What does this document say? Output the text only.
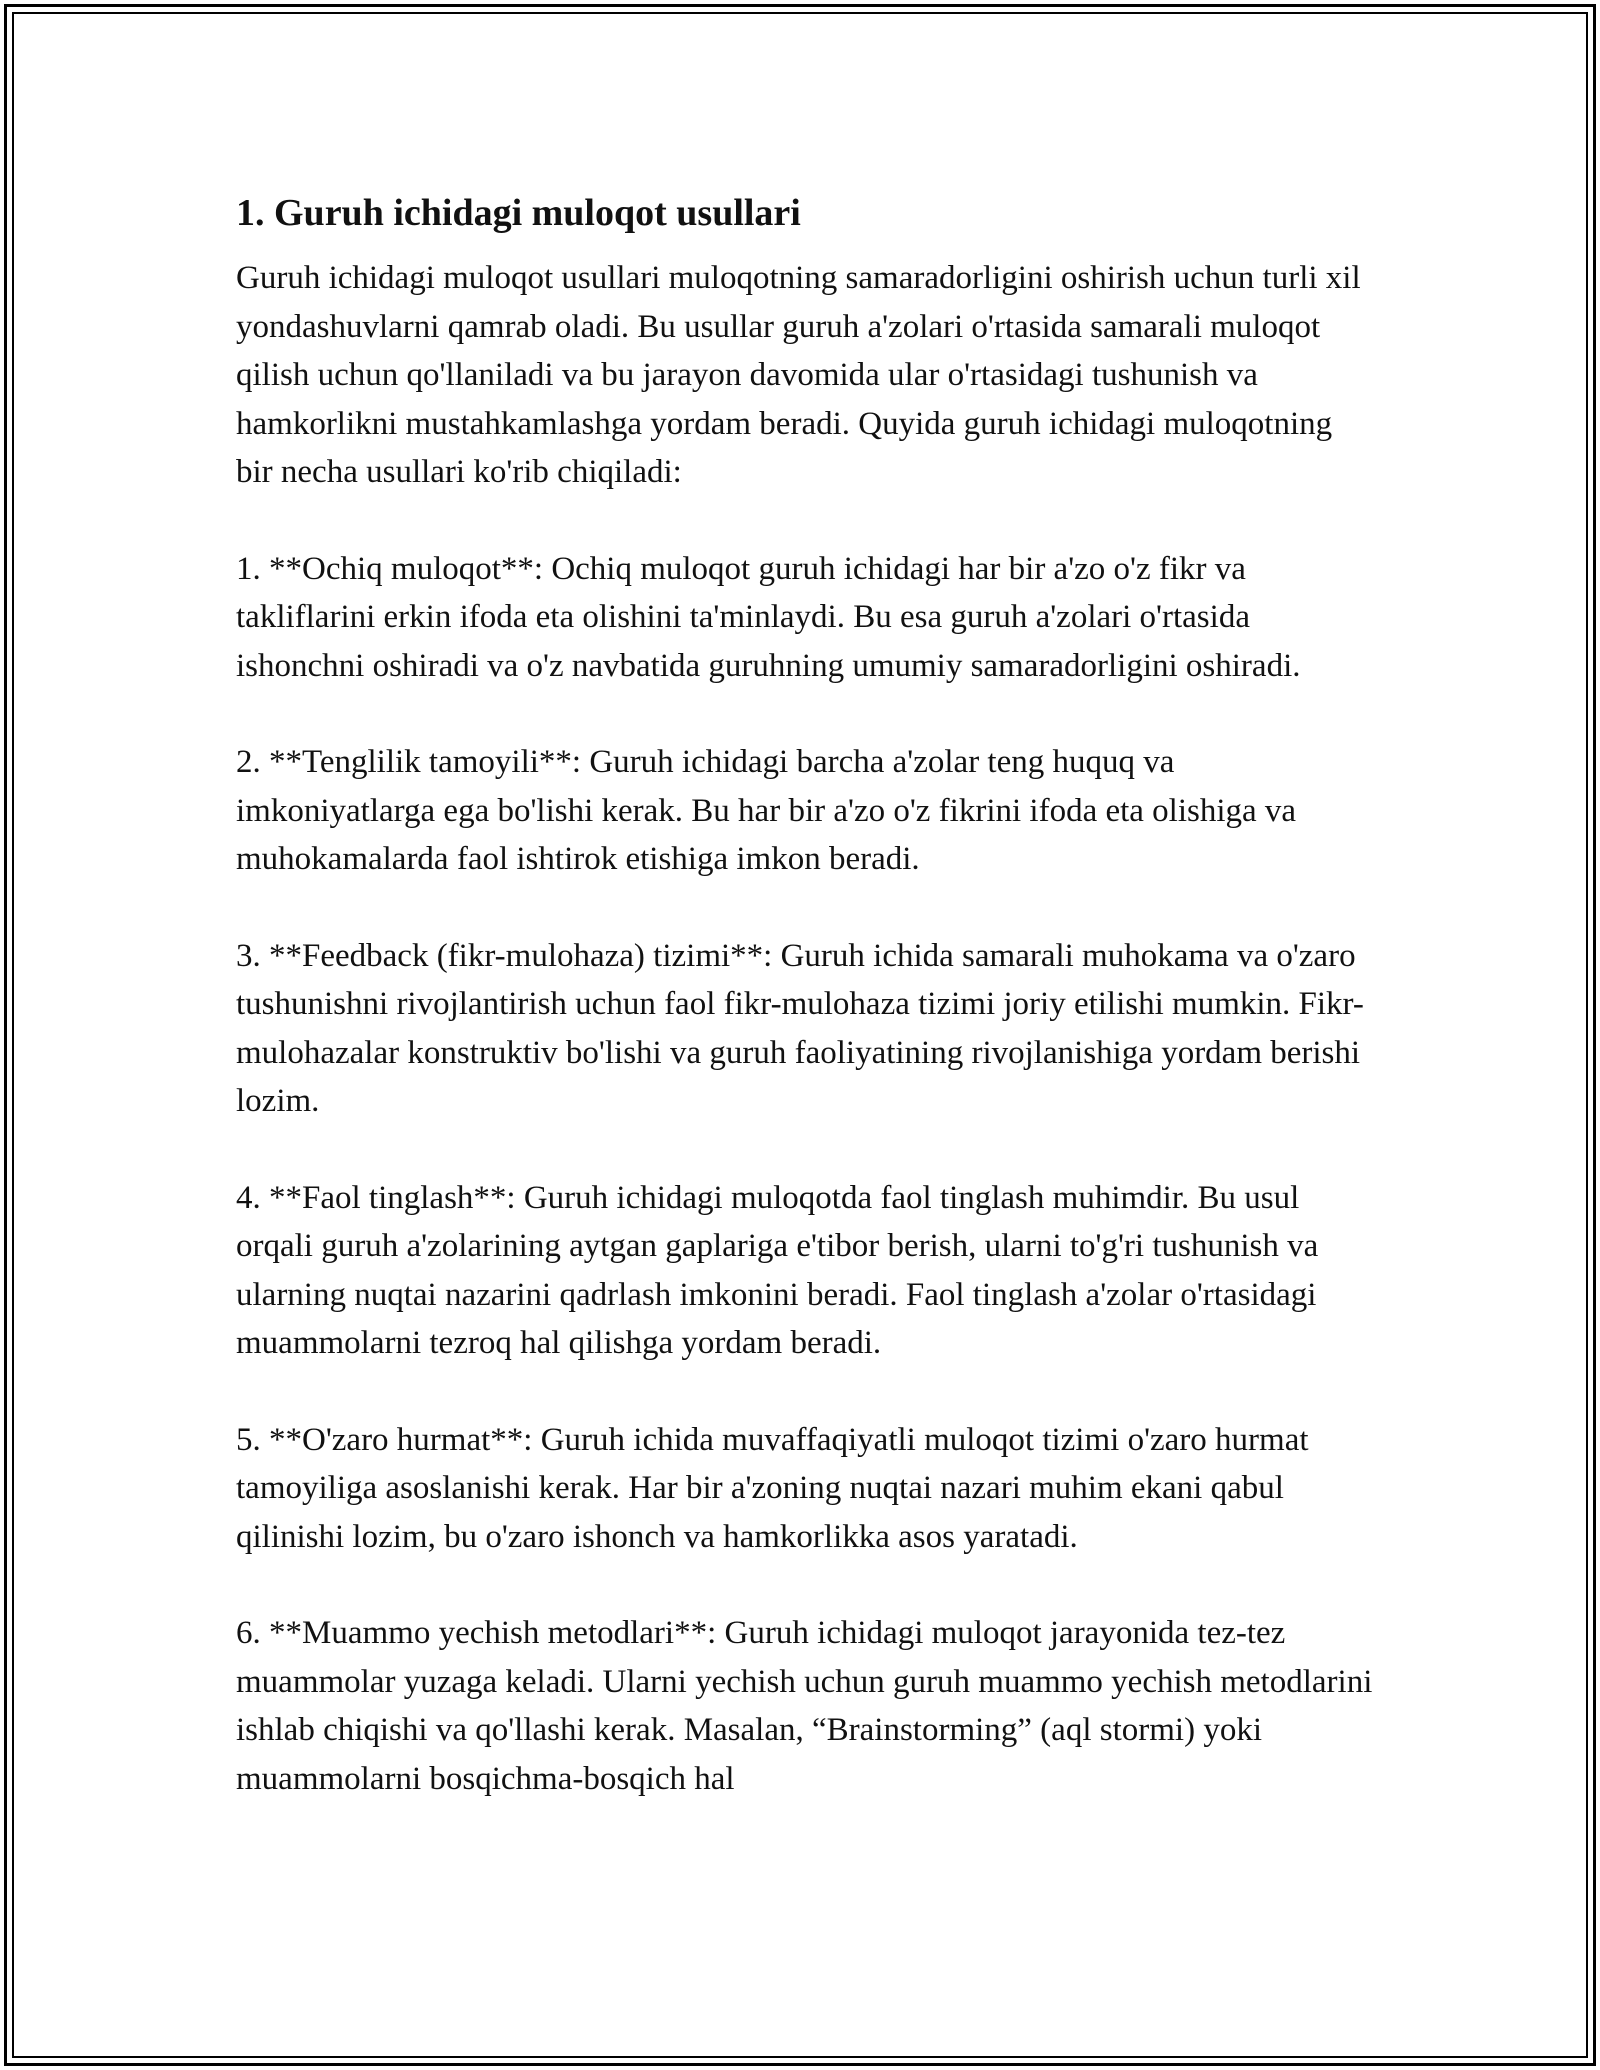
1. Guruh ichidagi muloqot usullari

Guruh ichidagi muloqot usullari muloqotning samaradorligini oshirish uchun turli xil yondashuvlarni qamrab oladi. Bu usullar guruh a'zolari o'rtasida samarali muloqot qilish uchun qo'llaniladi va bu jarayon davomida ular o'rtasidagi tushunish va hamkorlikni mustahkamlashga yordam beradi. Quyida guruh ichidagi muloqotning bir necha usullari ko'rib chiqiladi:

1. **Ochiq muloqot**: Ochiq muloqot guruh ichidagi har bir a'zo o'z fikr va takliflarini erkin ifoda eta olishini ta'minlaydi. Bu esa guruh a'zolari o'rtasida ishonchni oshiradi va o'z navbatida guruhning umumiy samaradorligini oshiradi.

2. **Tenglilik tamoyili**: Guruh ichidagi barcha a'zolar teng huquq va imkoniyatlarga ega bo'lishi kerak. Bu har bir a'zo o'z fikrini ifoda eta olishiga va muhokamalarda faol ishtirok etishiga imkon beradi.

3. **Feedback (fikr-mulohaza) tizimi**: Guruh ichida samarali muhokama va o'zaro tushunishni rivojlantirish uchun faol fikr-mulohaza tizimi joriy etilishi mumkin. Fikr-mulohazalar konstruktiv bo'lishi va guruh faoliyatining rivojlanishiga yordam berishi lozim.

4. **Faol tinglash**: Guruh ichidagi muloqotda faol tinglash muhimdir. Bu usul orqali guruh a'zolarining aytgan gaplariga e'tibor berish, ularni to'g'ri tushunish va ularning nuqtai nazarini qadrlash imkonini beradi. Faol tinglash a'zolar o'rtasidagi muammolarni tezroq hal qilishga yordam beradi.

5. **O'zaro hurmat**: Guruh ichida muvaffaqiyatli muloqot tizimi o'zaro hurmat tamoyiliga asoslanishi kerak. Har bir a'zoning nuqtai nazari muhim ekani qabul qilinishi lozim, bu o'zaro ishonch va hamkorlikka asos yaratadi.

6. **Muammo yechish metodlari**: Guruh ichidagi muloqot jarayonida tez-tez muammolar yuzaga keladi. Ularni yechish uchun guruh muammo yechish metodlarini ishlab chiqishi va qo'llashi kerak. Masalan, “Brainstorming” (aql stormi) yoki muammolarni bosqichma-bosqich hal
